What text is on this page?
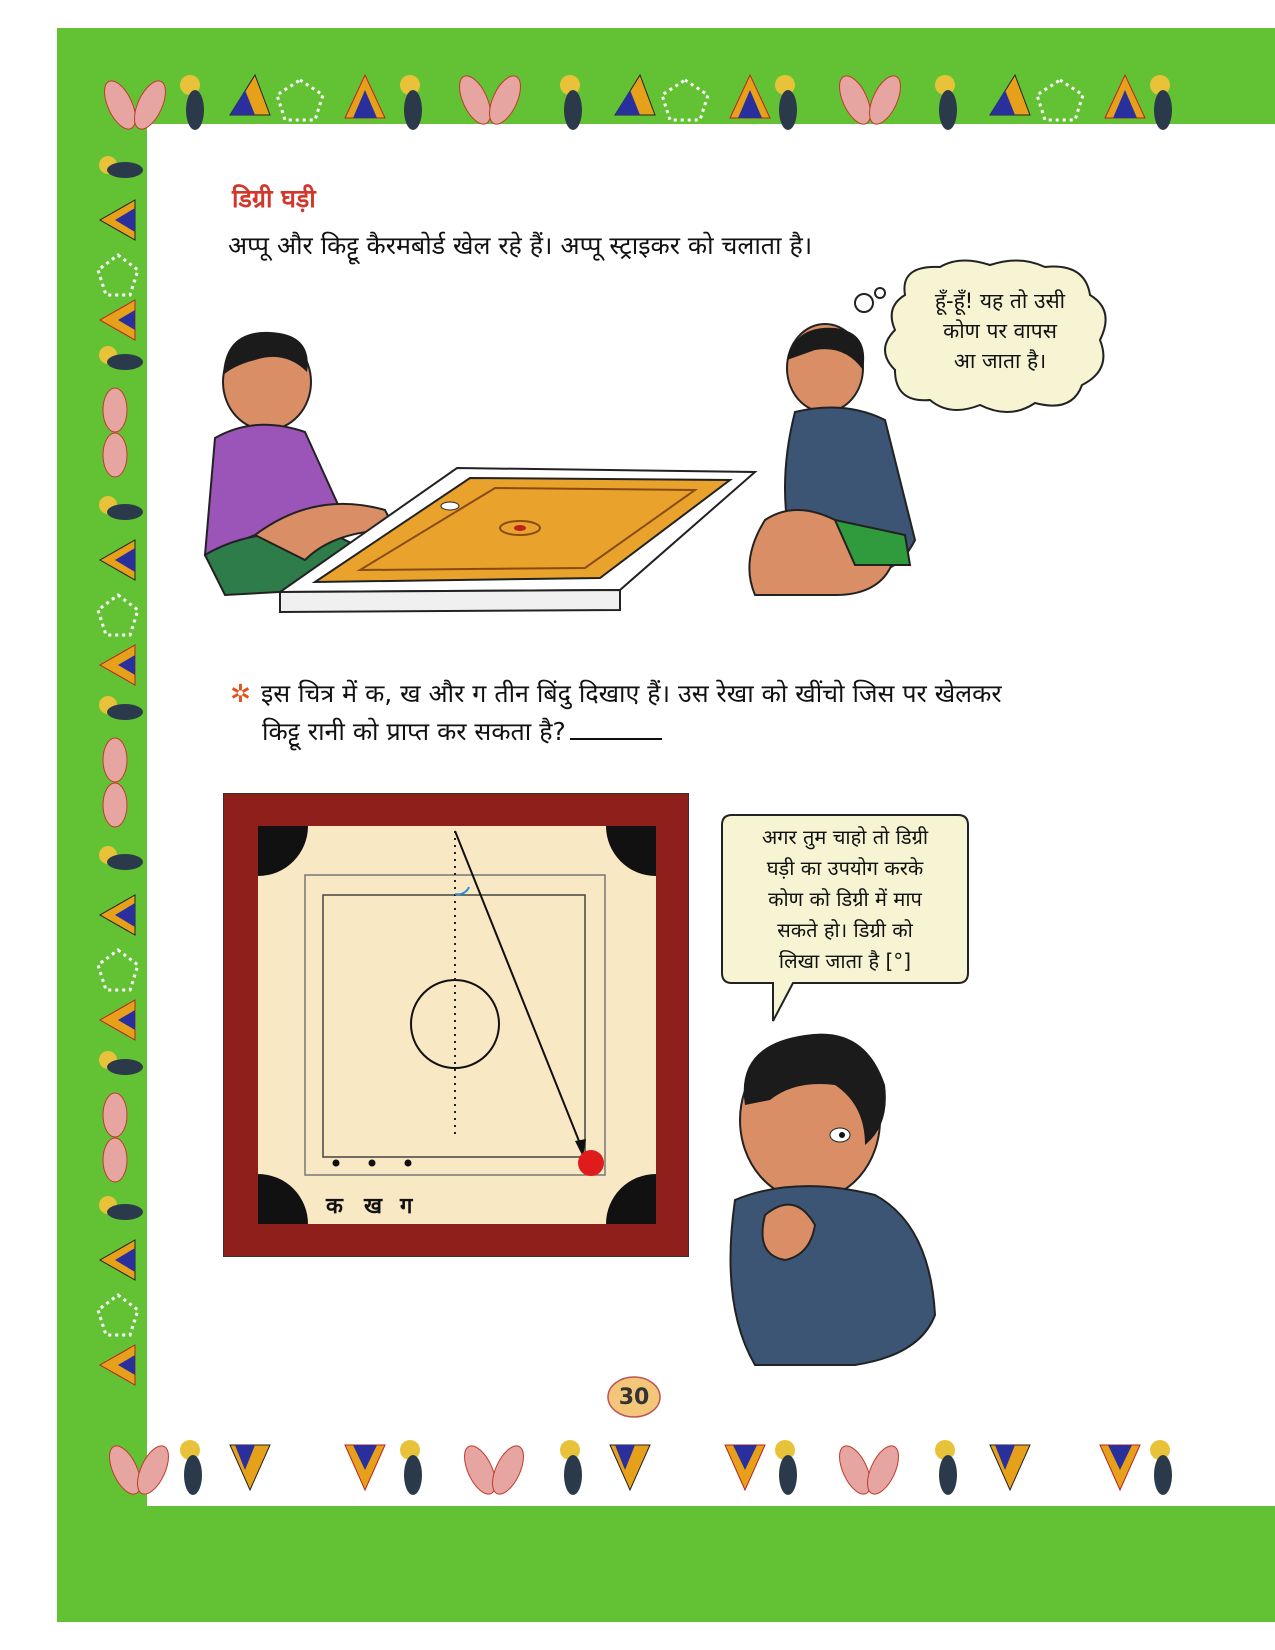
डिग्री घड़ी

अप्पू और किट्टू कैरमबोर्ड खेल रहे हैं। अप्पू स्ट्राइकर को चलाता है।

हूँ-हूँ! यह तो उसी
कोण पर वापस
आ जाता है।

✲ इस चित्र में क, ख और ग तीन बिंदु दिखाए हैं। उस रेखा को खींचो जिस पर खेलकर
किट्टू रानी को प्राप्त कर सकता है?

क ख ग
अगर तुम चाहो तो डिग्री
घड़ी का उपयोग करके
कोण को डिग्री में माप
सकते हो। डिग्री को
लिखा जाता है [°]
30
